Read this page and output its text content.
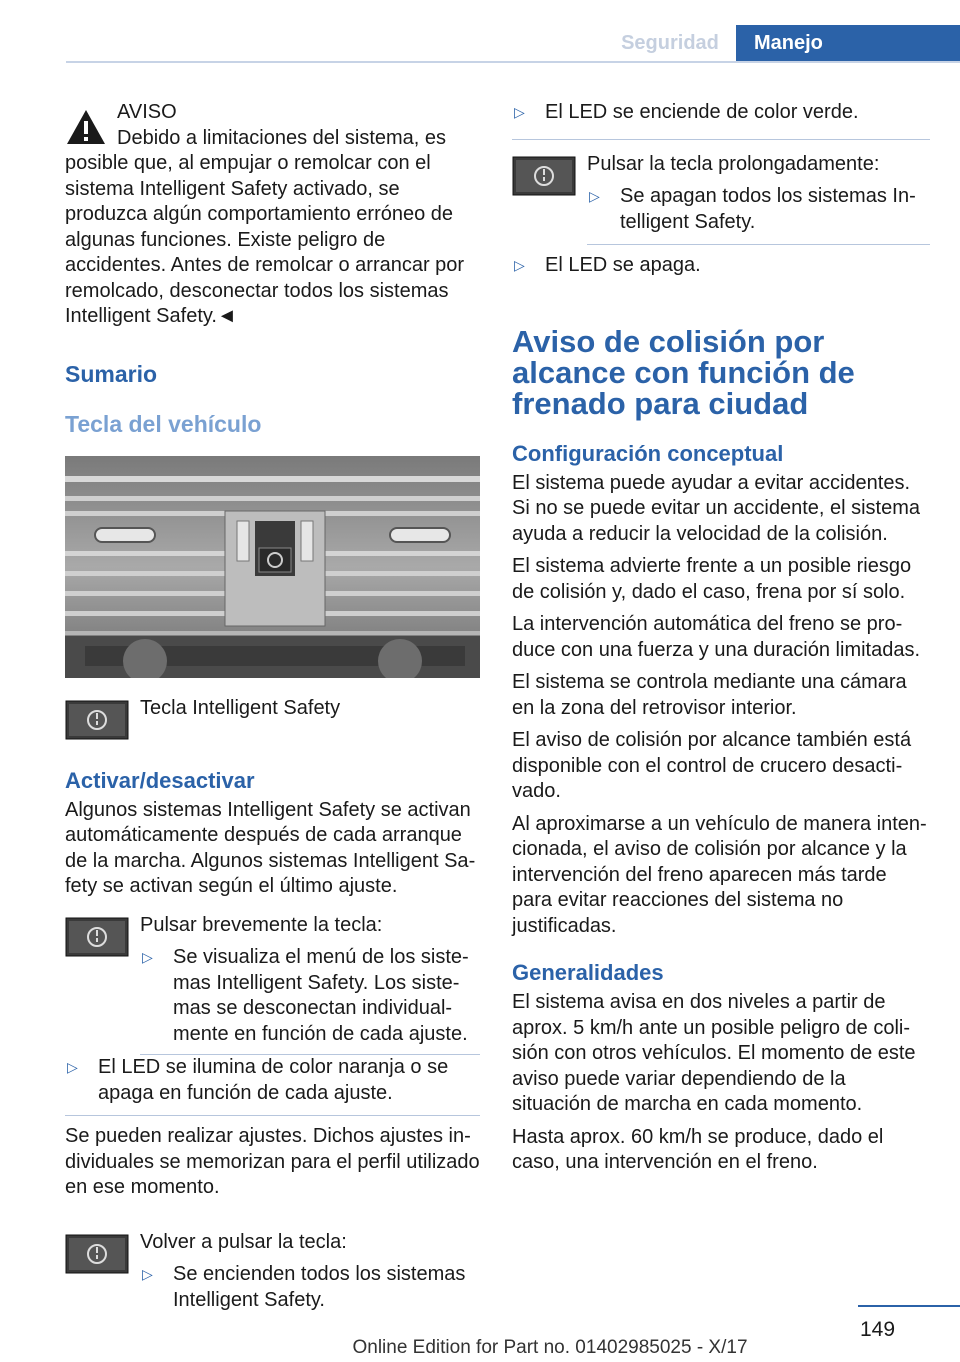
Seguridad	Manejo
AVISO

Debido a limitaciones del sistema, es posible que, al empujar o remolcar con el sistema Intelligent Safety activado, se produzca algún comportamiento erróneo de algunas funciones. Existe peligro de accidentes. Antes de remolcar o arrancar por remolcado, desconectar todos los sistemas Intelligent Safety.◄

Sumario
Tecla del vehículo
Tecla Intelligent Safety
Activar/desactivar

Algunos sistemas Intelligent Safety se activan automáticamente después de cada arranque de la marcha. Algunos sistemas Intelligent Safety se activan según el último ajuste.

Pulsar brevemente la tecla:

▷ Se visualiza el menú de los sistemas Intelligent Safety. Los sistemas se desconectan individualmente en función de cada ajuste.
▷ El LED se ilumina de color naranja o se apaga en función de cada ajuste.

Se pueden realizar ajustes. Dichos ajustes individuales se memorizan para el perfil utilizado en ese momento.

Volver a pulsar la tecla:

▷ Se encienden todos los sistemas Intelligent Safety.
▷ El LED se enciende de color verde.

Pulsar la tecla prolongadamente:

▷ Se apagan todos los sistemas Intelligent Safety.
▷ El LED se apaga.
Aviso de colisión por alcance con función de frenado para ciudad
Configuración conceptual

El sistema puede ayudar a evitar accidentes. Si no se puede evitar un accidente, el sistema ayuda a reducir la velocidad de la colisión.

El sistema advierte frente a un posible riesgo de colisión y, dado el caso, frena por sí solo.

La intervención automática del freno se produce con una fuerza y una duración limitadas.

El sistema se controla mediante una cámara en la zona del retrovisor interior.

El aviso de colisión por alcance también está disponible con el control de crucero desactivado.

Al aproximarse a un vehículo de manera intencionada, el aviso de colisión por alcance y la intervención del freno aparecen más tarde para evitar reacciones del sistema no justificadas.

Generalidades

El sistema avisa en dos niveles a partir de aprox. 5 km/h ante un posible peligro de colisión con otros vehículos. El momento de este aviso puede variar dependiendo de la situación de marcha en cada momento.

Hasta aprox. 60 km/h se produce, dado el caso, una intervención en el freno.

149
Online Edition for Part no. 01402985025 - X/17
